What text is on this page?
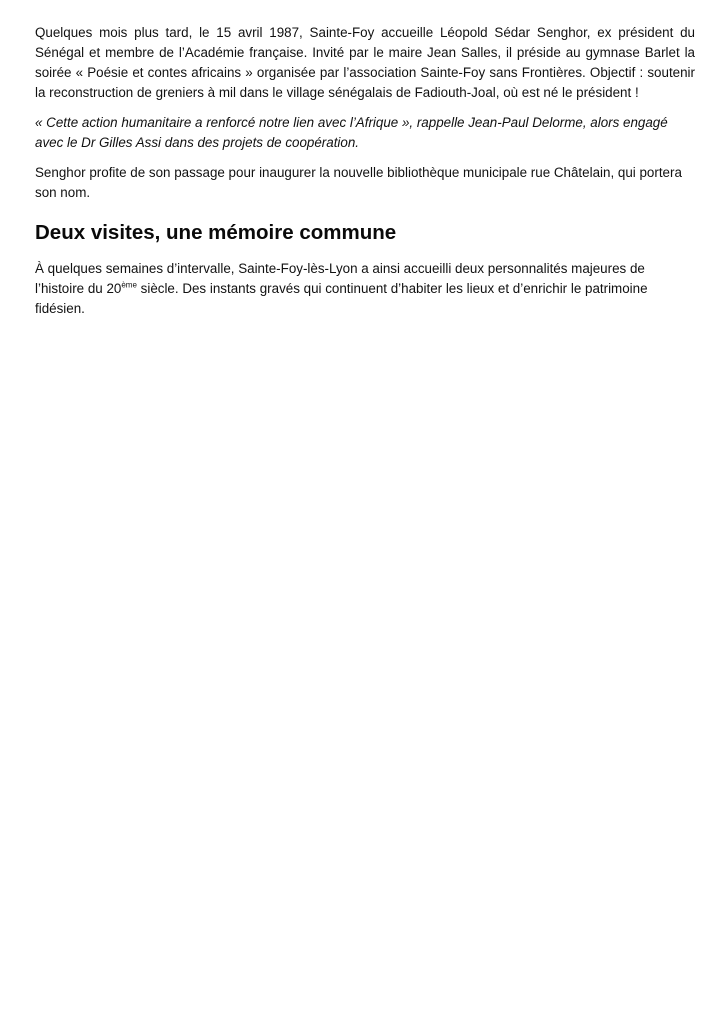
Quelques mois plus tard, le 15 avril 1987, Sainte-Foy accueille Léopold Sédar Senghor, ex président du Sénégal et membre de l’Académie française. Invité par le maire Jean Salles, il préside au gymnase Barlet la soirée « Poésie et contes africains » organisée par l’association Sainte-Foy sans Frontières. Objectif : soutenir la reconstruction de greniers à mil dans le village sénégalais de Fadiouth-Joal, où est né le président !

« Cette action humanitaire a renforcé notre lien avec l’Afrique », rappelle Jean-Paul Delorme, alors engagé avec le Dr Gilles Assi dans des projets de coopération.

Senghor profite de son passage pour inaugurer la nouvelle bibliothèque municipale rue Châtelain, qui portera son nom.

Deux visites, une mémoire commune

À quelques semaines d’intervalle, Sainte-Foy-lès-Lyon a ainsi accueilli deux personnalités majeures de l’histoire du 20ème siècle. Des instants gravés qui continuent d’habiter les lieux et d’enrichir le patrimoine fidésien.
